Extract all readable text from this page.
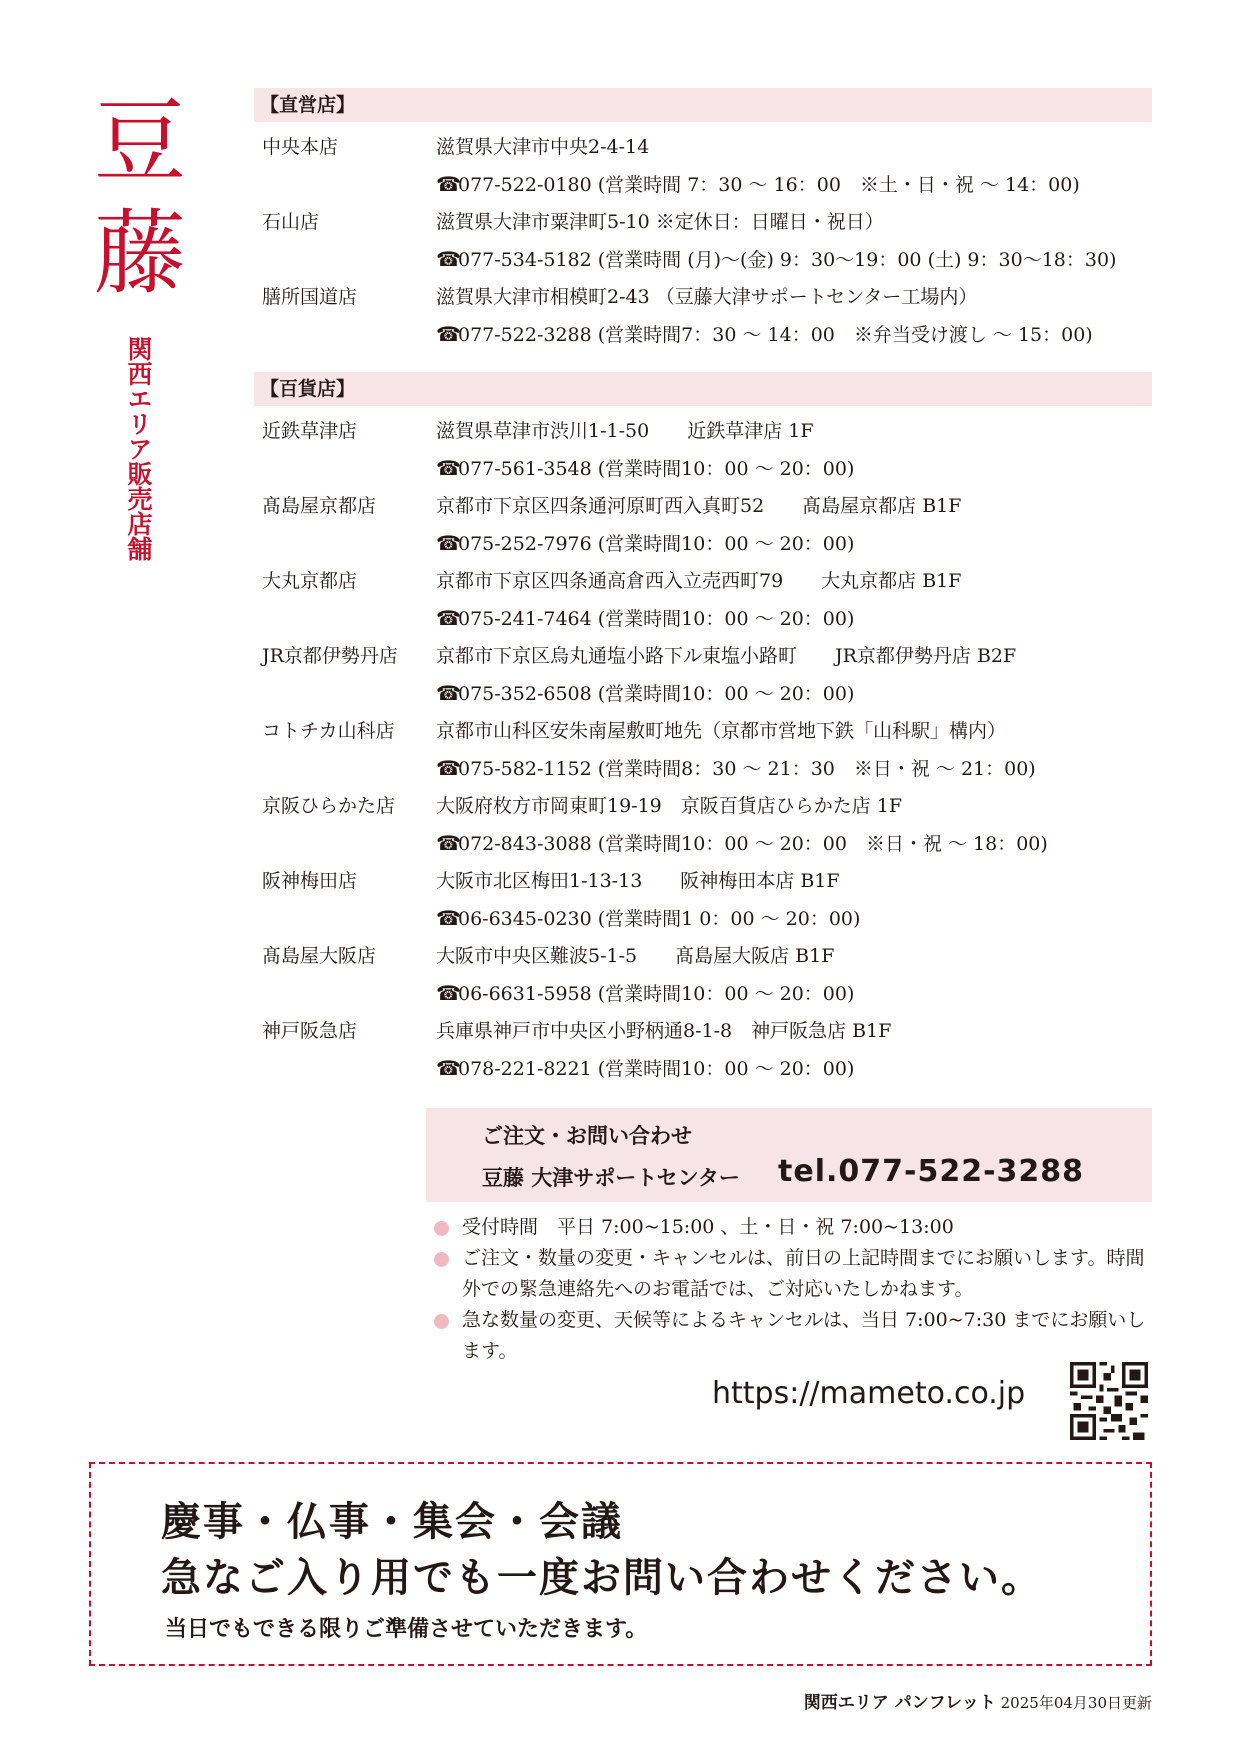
豆
藤
関西エリア販売店舗
【直営店】
中央本店	滋賀県大津市中央2-4-14
☎077-522-0180 (営業時間 7：30 ～ 16：00　※土・日・祝 ～ 14：00)
石山店	滋賀県大津市粟津町5-10 ※定休日：日曜日・祝日）
☎077-534-5182 (営業時間 (月)～(金) 9：30～19：00 (土) 9：30～18：30)
膳所国道店	滋賀県大津市相模町2-43 （豆藤大津サポートセンター工場内）
☎077-522-3288 (営業時間7：30 ～ 14：00　※弁当受け渡し ～ 15：00)
【百貨店】
近鉄草津店	滋賀県草津市渋川1-1-50　　近鉄草津店 1F
☎077-561-3548 (営業時間10：00 ～ 20：00)
髙島屋京都店	京都市下京区四条通河原町西入真町52　　髙島屋京都店 B1F
☎075-252-7976 (営業時間10：00 ～ 20：00)
大丸京都店	京都市下京区四条通高倉西入立売西町79　　大丸京都店 B1F
☎075-241-7464 (営業時間10：00 ～ 20：00)
JR京都伊勢丹店 京都市下京区烏丸通塩小路下ル東塩小路町　　JR京都伊勢丹店 B2F
☎075-352-6508 (営業時間10：00 ～ 20：00)
コトチカ山科店 京都市山科区安朱南屋敷町地先（京都市営地下鉄「山科駅」構内）
☎075-582-1152 (営業時間8：30 ～ 21：30　※日・祝 ～ 21：00)
京阪ひらかた店 大阪府枚方市岡東町19-19　京阪百貨店ひらかた店 1F
☎072-843-3088 (営業時間10：00 ～ 20：00　※日・祝 ～ 18：00)
阪神梅田店	大阪市北区梅田1-13-13　　阪神梅田本店 B1F
☎06-6345-0230 (営業時間1 0：00 ～ 20：00)
髙島屋大阪店	大阪市中央区難波5-1-5　　髙島屋大阪店 B1F
☎06-6631-5958 (営業時間10：00 ～ 20：00)
神戸阪急店	兵庫県神戸市中央区小野柄通8-1-8　神戸阪急店 B1F
☎078-221-8221 (営業時間10：00 ～ 20：00)
ご注文・お問い合わせ
豆藤 大津サポートセンター tel.077-522-3288
受付時間　平日 7:00~15:00 、土・日・祝 7:00~13:00
ご注文・数量の変更・キャンセルは、前日の上記時間までにお願いします。時間外での緊急連絡先へのお電話では、ご対応いたしかねます。
急な数量の変更、天候等によるキャンセルは、当日 7:00~7:30 までにお願いします。
https://mameto.co.jp
慶事・仏事・集会・会議
急なご入り用でも一度お問い合わせください。
当日でもできる限りご準備させていただきます。
関西エリア パンフレット 2025年04月30日更新
